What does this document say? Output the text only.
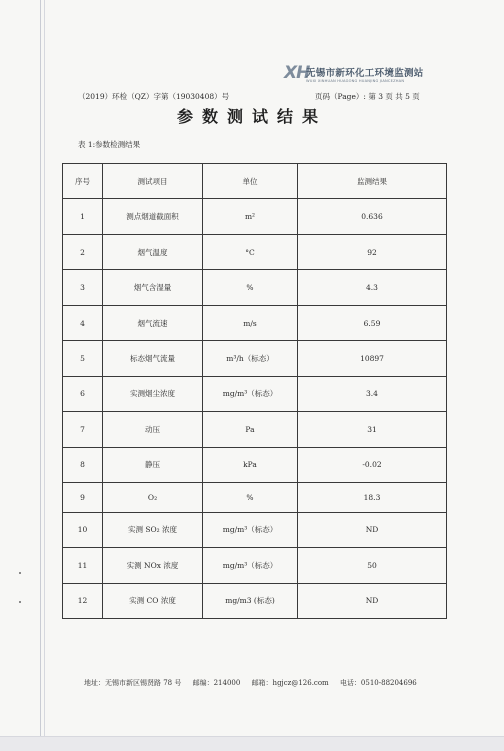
XH
无锡市新环化工环境监测站
WUXI XINHUAN HUAGONG HUANJING JIANCEZHAN
（2019）环检（QZ）字第（19030408）号	页码（Page）: 第 3 页 共 5 页
参数测试结果
表 1:参数检测结果
序号	测试项目	单位	监测结果
1	测点烟道截面积	m²	0.636
2	烟气温度	°C	92
3	烟气含湿量	%	4.3
4	烟气流速	m/s	6.59
5	标态烟气流量	m³/h（标态）	10897
6	实测烟尘浓度	mg/m³（标态）	3.4
7	动压	Pa	31
8	静压	kPa	-0.02
9	O₂	%	18.3
10	实测 SO₂ 浓度	mg/m³（标态）	ND
11	实测 NOx 浓度	mg/m³（标态）	50
12	实测 CO 浓度	mg/m3 (标态)	ND
地址：无锡市新区锡贤路 78 号 邮编：214000 邮箱：hgjcz@126.com 电话：0510-88204696
